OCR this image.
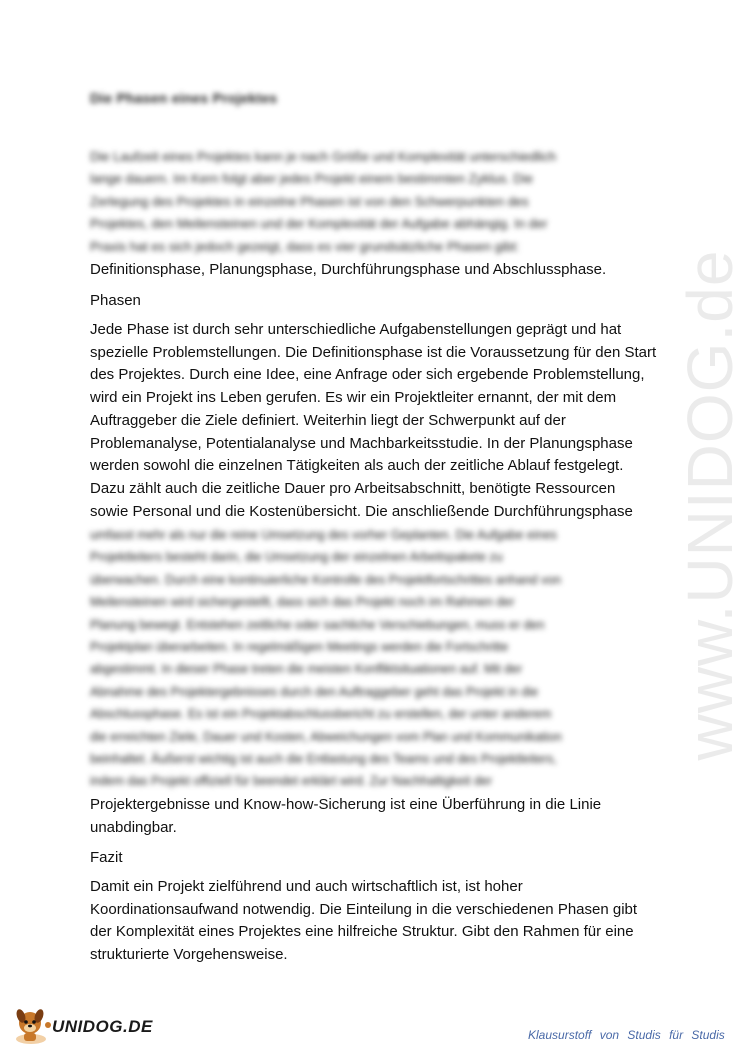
Die Phasen eines Projektes
Die Laufzeit eines Projektes kann je nach Größe und Komplexität unterschiedlich
lange dauern. Im Kern folgt aber jedes Projekt einem bestimmten Zyklus. Die
Zerlegung des Projektes in einzelne Phasen ist von den Schwerpunkten des
Projektes, den Meilensteinen und der Komplexität der Aufgabe abhängig. In der
Praxis hat es sich jedoch gezeigt, dass es vier grundsätzliche Phasen gibt:
Definitionsphase, Planungsphase, Durchführungsphase und Abschlussphase.
Phasen
Jede Phase ist durch sehr unterschiedliche Aufgabenstellungen geprägt und hat
spezielle Problemstellungen. Die Definitionsphase ist die Voraussetzung für den Start
des Projektes. Durch eine Idee, eine Anfrage oder sich ergebende Problemstellung,
wird ein Projekt ins Leben gerufen. Es wir ein Projektleiter ernannt, der mit dem
Auftraggeber die Ziele definiert. Weiterhin liegt der Schwerpunkt auf der
Problemanalyse, Potentialanalyse und Machbarkeitsstudie. In der Planungsphase
werden sowohl die einzelnen Tätigkeiten als auch der zeitliche Ablauf festgelegt.
Dazu zählt auch die zeitliche Dauer pro Arbeitsabschnitt, benötigte Ressourcen
sowie Personal und die Kostenübersicht. Die anschließende Durchführungsphase
umfasst mehr als nur die reine Umsetzung des vorher Geplanten. Die Aufgabe eines
Projektleiters besteht darin, die Umsetzung der einzelnen Arbeitspakete zu
überwachen. Durch eine kontinuierliche Kontrolle des Projektfortschrittes anhand von
Meilensteinen wird sichergestellt, dass sich das Projekt noch im Rahmen der
Planung bewegt. Entstehen zeitliche oder sachliche Verschiebungen, muss er den
Projektplan überarbeiten. In regelmäßigen Meetings werden die Fortschritte
abgestimmt. In dieser Phase treten die meisten Konfliktsituationen auf. Mit der
Abnahme des Projektergebnisses durch den Auftraggeber geht das Projekt in die
Abschlussphase. Es ist ein Projektabschlussbericht zu erstellen, der unter anderem
die erreichten Ziele, Dauer und Kosten, Abweichungen vom Plan und Kommunikation
beinhaltet. Äußerst wichtig ist auch die Entlastung des Teams und des Projektleiters,
indem das Projekt offiziell für beendet erklärt wird. Zur Nachhaltigkeit der
Projektergebnisse und Know-how-Sicherung ist eine Überführung in die Linie
unabdingbar.
Fazit
Damit ein Projekt zielführend und auch wirtschaftlich ist, ist hoher
Koordinationsaufwand notwendig. Die Einteilung in die verschiedenen Phasen gibt
der Komplexität eines Projektes eine hilfreiche Struktur. Gibt den Rahmen für eine
strukturierte Vorgehensweise.
www.UNIDOG.de
UNIDOG.DE	Klausurstoff von Studis für Studis
